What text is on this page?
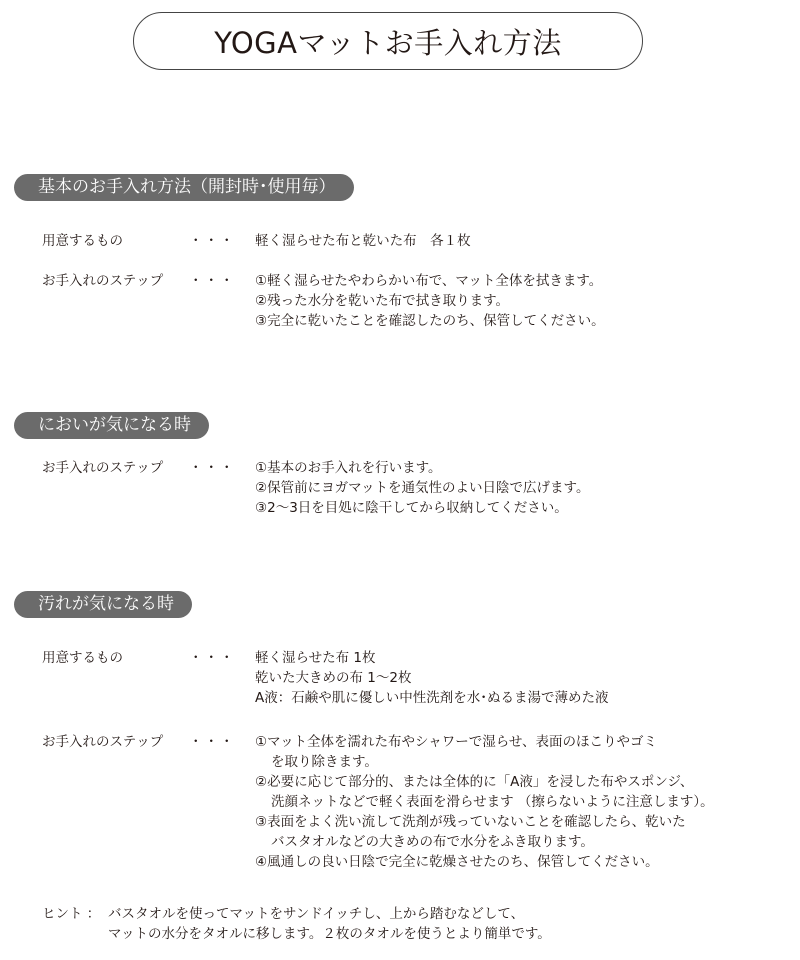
YOGAマットお手入れ方法
基本のお手入れ方法（開封時･使用毎）
用意するもの	・・・ 軽く湿らせた布と乾いた布　各１枚
お手入れのステップ ・・・ ①軽く湿らせたやわらかい布で、マット全体を拭きます。
②残った水分を乾いた布で拭き取ります。
③完全に乾いたことを確認したのち、保管してください。
においが気になる時
お手入れのステップ ・・・ ①基本のお手入れを行います。
②保管前にヨガマットを通気性のよい日陰で広げます。
③2～3日を目処に陰干してから収納してください。
汚れが気になる時
用意するもの	・・・ 軽く湿らせた布 1枚
乾いた大きめの布 1～2枚
A液：石鹸や肌に優しい中性洗剤を水･ぬるま湯で薄めた液
お手入れのステップ ・・・ ①マット全体を濡れた布やシャワーで湿らせ、表面のほこりやゴミ
を取り除きます。
②必要に応じて部分的、または全体的に「A液」を浸した布やスポンジ、
洗顔ネットなどで軽く表面を滑らせます （擦らないように注意します）。
③表面をよく洗い流して洗剤が残っていないことを確認したら、乾いた
バスタオルなどの大きめの布で水分をふき取ります。
④風通しの良い日陰で完全に乾燥させたのち、保管してください。
ヒント ： バスタオルを使ってマットをサンドイッチし、上から踏むなどして、
マットの水分をタオルに移します。２枚のタオルを使うとより簡単です。
